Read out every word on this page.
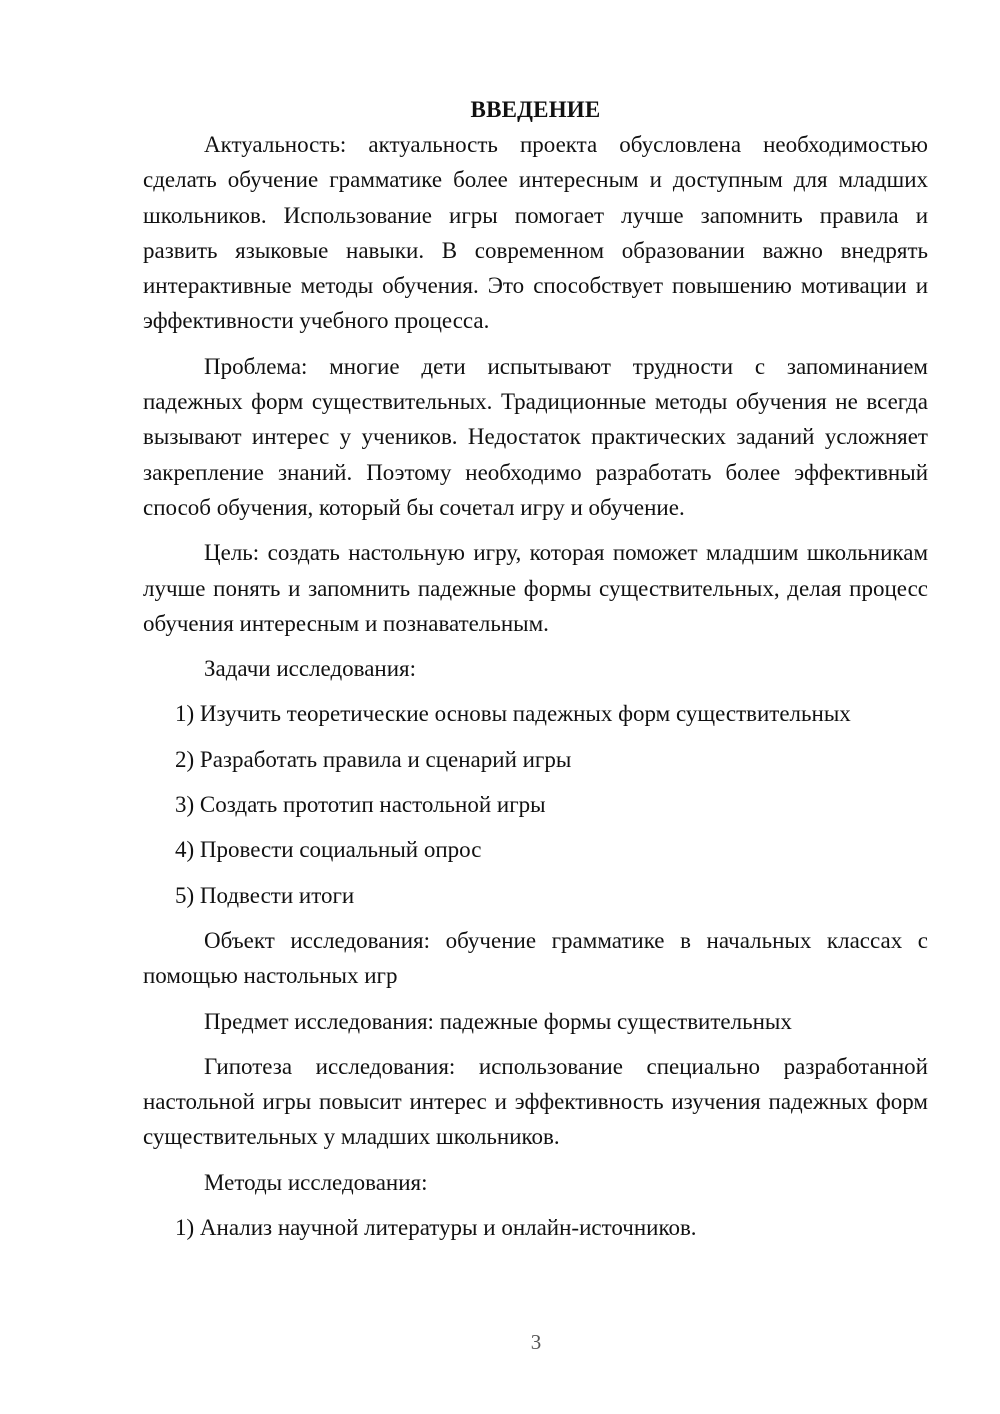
ВВЕДЕНИЕ

Актуальность: актуальность проекта обусловлена необходимостью сделать обучение грамматике более интересным и доступным для младших школьников. Использование игры помогает лучше запомнить правила и развить языковые навыки. В современном образовании важно внедрять интерактивные методы обучения. Это способствует повышению мотивации и эффективности учебного процесса.

Проблема: многие дети испытывают трудности с запоминанием падежных форм существительных. Традиционные методы обучения не всегда вызывают интерес у учеников. Недостаток практических заданий усложняет закрепление знаний. Поэтому необходимо разработать более эффективный способ обучения, который бы сочетал игру и обучение.

Цель: создать настольную игру, которая поможет младшим школьникам лучше понять и запомнить падежные формы существительных, делая процесс обучения интересным и познавательным.

Задачи исследования:

1) Изучить теоретические основы падежных форм существительных

2) Разработать правила и сценарий игры

3) Создать прототип настольной игры

4) Провести социальный опрос

5) Подвести итоги

Объект исследования: обучение грамматике в начальных классах с помощью настольных игр

Предмет исследования: падежные формы существительных

Гипотеза исследования: использование специально разработанной настольной игры повысит интерес и эффективность изучения падежных форм существительных у младших школьников.

Методы исследования:

1) Анализ научной литературы и онлайн-источников.

3
